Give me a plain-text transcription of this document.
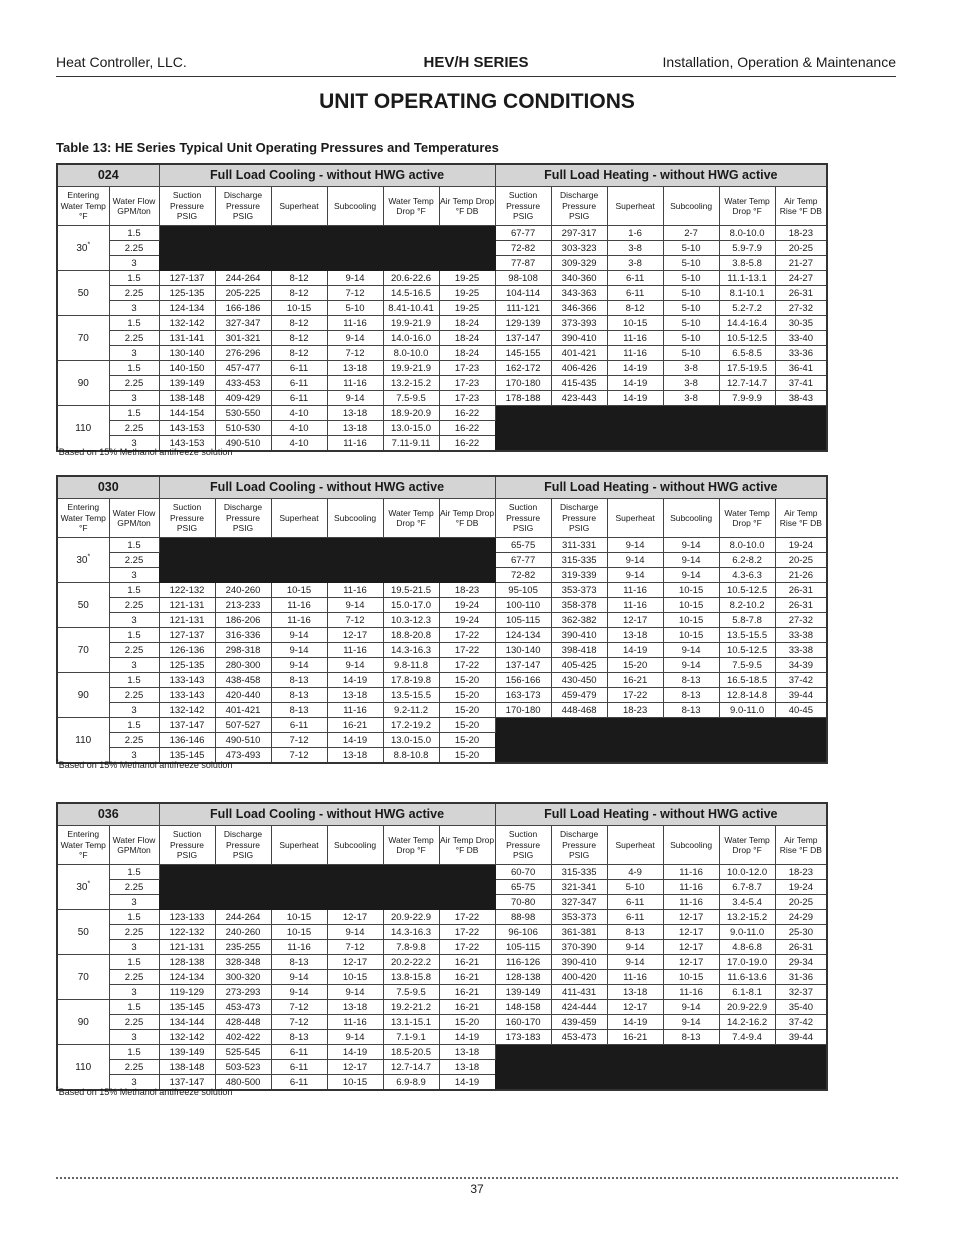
Heat Controller, LLC.	HEV/H SERIES	Installation, Operation & Maintenance
UNIT OPERATING CONDITIONS
Table 13: HE Series Typical Unit Operating Pressures and Temperatures
024		Full Load Cooling - without HWG active						Full Load Heating - without HWG active					
Entering Water Temp °F	Water Flow GPM/ton	Suction Pressure PSIG	Discharge Pressure PSIG	Superheat	Subcooling	Water Temp Drop °F	Air Temp Drop °F DB	Suction Pressure PSIG	Discharge Pressure PSIG	Superheat	Subcooling	Water Temp Drop °F	Air Temp Rise °F DB
30*	1.5							67-77	297-317	1-6	2-7	8.0-10.0	18-23
	2.25							72-82	303-323	3-8	5-10	5.9-7.9	20-25
	3							77-87	309-329	3-8	5-10	3.8-5.8	21-27
50	1.5	127-137	244-264	8-12	9-14	20.6-22.6	19-25	98-108	340-360	6-11	5-10	11.1-13.1	24-27
	2.25	125-135	205-225	8-12	7-12	14.5-16.5	19-25	104-114	343-363	6-11	5-10	8.1-10.1	26-31
	3	124-134	166-186	10-15	5-10	8.41-10.41	19-25	111-121	346-366	8-12	5-10	5.2-7.2	27-32
70	1.5	132-142	327-347	8-12	11-16	19.9-21.9	18-24	129-139	373-393	10-15	5-10	14.4-16.4	30-35
	2.25	131-141	301-321	8-12	9-14	14.0-16.0	18-24	137-147	390-410	11-16	5-10	10.5-12.5	33-40
	3	130-140	276-296	8-12	7-12	8.0-10.0	18-24	145-155	401-421	11-16	5-10	6.5-8.5	33-36
90	1.5	140-150	457-477	6-11	13-18	19.9-21.9	17-23	162-172	406-426	14-19	3-8	17.5-19.5	36-41
	2.25	139-149	433-453	6-11	11-16	13.2-15.2	17-23	170-180	415-435	14-19	3-8	12.7-14.7	37-41
	3	138-148	409-429	6-11	9-14	7.5-9.5	17-23	178-188	423-443	14-19	3-8	7.9-9.9	38-43
110	1.5	144-154	530-550	4-10	13-18	18.9-20.9	16-22						
	2.25	143-153	510-530	4-10	13-18	13.0-15.0	16-22						
	3	143-153	490-510	4-10	11-16	7.11-9.11	16-22						
*Based on 15% Methanol antifreeze solution
030		Full Load Cooling - without HWG active						Full Load Heating - without HWG active					
Entering Water Temp °F	Water Flow GPM/ton	Suction Pressure PSIG	Discharge Pressure PSIG	Superheat	Subcooling	Water Temp Drop °F	Air Temp Drop °F DB	Suction Pressure PSIG	Discharge Pressure PSIG	Superheat	Subcooling	Water Temp Drop °F	Air Temp Rise °F DB
30*	1.5							65-75	311-331	9-14	9-14	8.0-10.0	19-24
	2.25							67-77	315-335	9-14	9-14	6.2-8.2	20-25
	3							72-82	319-339	9-14	9-14	4.3-6.3	21-26
50	1.5	122-132	240-260	10-15	11-16	19.5-21.5	18-23	95-105	353-373	11-16	10-15	10.5-12.5	26-31
	2.25	121-131	213-233	11-16	9-14	15.0-17.0	19-24	100-110	358-378	11-16	10-15	8.2-10.2	26-31
	3	121-131	186-206	11-16	7-12	10.3-12.3	19-24	105-115	362-382	12-17	10-15	5.8-7.8	27-32
70	1.5	127-137	316-336	9-14	12-17	18.8-20.8	17-22	124-134	390-410	13-18	10-15	13.5-15.5	33-38
	2.25	126-136	298-318	9-14	11-16	14.3-16.3	17-22	130-140	398-418	14-19	9-14	10.5-12.5	33-38
	3	125-135	280-300	9-14	9-14	9.8-11.8	17-22	137-147	405-425	15-20	9-14	7.5-9.5	34-39
90	1.5	133-143	438-458	8-13	14-19	17.8-19.8	15-20	156-166	430-450	16-21	8-13	16.5-18.5	37-42
	2.25	133-143	420-440	8-13	13-18	13.5-15.5	15-20	163-173	459-479	17-22	8-13	12.8-14.8	39-44
	3	132-142	401-421	8-13	11-16	9.2-11.2	15-20	170-180	448-468	18-23	8-13	9.0-11.0	40-45
110	1.5	137-147	507-527	6-11	16-21	17.2-19.2	15-20						
	2.25	136-146	490-510	7-12	14-19	13.0-15.0	15-20						
	3	135-145	473-493	7-12	13-18	8.8-10.8	15-20						
*Based on 15% Methanol antifreeze solution
036		Full Load Cooling - without HWG active						Full Load Heating - without HWG active					
Entering Water Temp °F	Water Flow GPM/ton	Suction Pressure PSIG	Discharge Pressure PSIG	Superheat	Subcooling	Water Temp Drop °F	Air Temp Drop °F DB	Suction Pressure PSIG	Discharge Pressure PSIG	Superheat	Subcooling	Water Temp Drop °F	Air Temp Rise °F DB
30*	1.5							60-70	315-335	4-9	11-16	10.0-12.0	18-23
	2.25							65-75	321-341	5-10	11-16	6.7-8.7	19-24
	3							70-80	327-347	6-11	11-16	3.4-5.4	20-25
50	1.5	123-133	244-264	10-15	12-17	20.9-22.9	17-22	88-98	353-373	6-11	12-17	13.2-15.2	24-29
	2.25	122-132	240-260	10-15	9-14	14.3-16.3	17-22	96-106	361-381	8-13	12-17	9.0-11.0	25-30
	3	121-131	235-255	11-16	7-12	7.8-9.8	17-22	105-115	370-390	9-14	12-17	4.8-6.8	26-31
70	1.5	128-138	328-348	8-13	12-17	20.2-22.2	16-21	116-126	390-410	9-14	12-17	17.0-19.0	29-34
	2.25	124-134	300-320	9-14	10-15	13.8-15.8	16-21	128-138	400-420	11-16	10-15	11.6-13.6	31-36
	3	119-129	273-293	9-14	9-14	7.5-9.5	16-21	139-149	411-431	13-18	11-16	6.1-8.1	32-37
90	1.5	135-145	453-473	7-12	13-18	19.2-21.2	16-21	148-158	424-444	12-17	9-14	20.9-22.9	35-40
	2.25	134-144	428-448	7-12	11-16	13.1-15.1	15-20	160-170	439-459	14-19	9-14	14.2-16.2	37-42
	3	132-142	402-422	8-13	9-14	7.1-9.1	14-19	173-183	453-473	16-21	8-13	7.4-9.4	39-44
110	1.5	139-149	525-545	6-11	14-19	18.5-20.5	13-18						
	2.25	138-148	503-523	6-11	12-17	12.7-14.7	13-18						
	3	137-147	480-500	6-11	10-15	6.9-8.9	14-19						
*Based on 15% Methanol antifreeze solution
37
